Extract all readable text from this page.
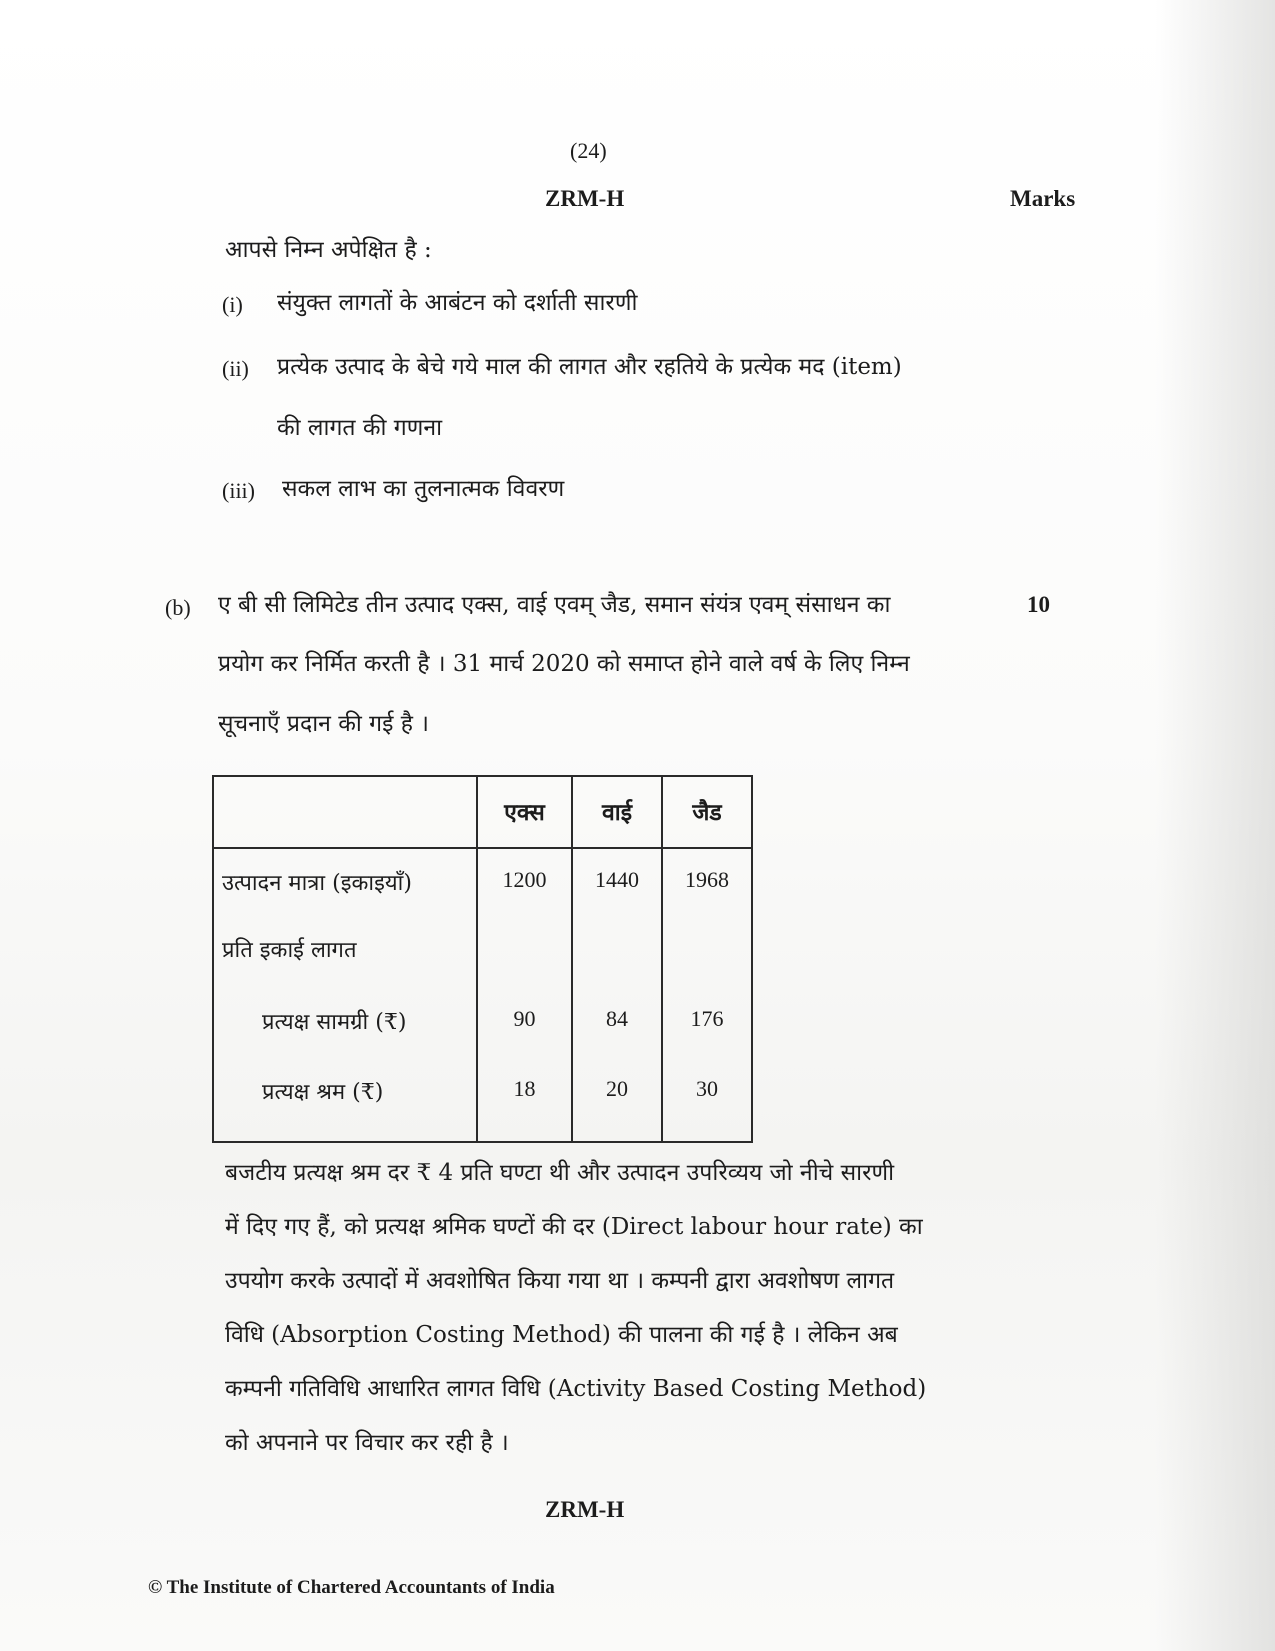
(24)
ZRM-H	Marks
आपसे निम्न अपेक्षित है :
(i) संयुक्त लागतों के आबंटन को दर्शाती सारणी
(ii) प्रत्येक उत्पाद के बेचे गये माल की लागत और रहतिये के प्रत्येक मद (item)
की लागत की गणना
(iii) सकल लाभ का तुलनात्मक विवरण
(b)	10
ए बी सी लिमिटेड तीन उत्पाद एक्स, वाई एवम् जैड, समान संयंत्र एवम् संसाधन का
प्रयोग कर निर्मित करती है । 31 मार्च 2020 को समाप्त होने वाले वर्ष के लिए निम्न
सूचनाएँ प्रदान की गई है ।
	एक्स	वाई	जैड
उत्पादन मात्रा (इकाइयाँ)	1200	1440	1968
प्रति इकाई लागत			
प्रत्यक्ष सामग्री (₹)	90	84	176
प्रत्यक्ष श्रम (₹)	18	20	30
बजटीय प्रत्यक्ष श्रम दर ₹ 4 प्रति घण्टा थी और उत्पादन उपरिव्यय जो नीचे सारणी
में दिए गए हैं, को प्रत्यक्ष श्रमिक घण्टों की दर (Direct labour hour rate) का
उपयोग करके उत्पादों में अवशोषित किया गया था । कम्पनी द्वारा अवशोषण लागत
विधि (Absorption Costing Method) की पालना की गई है । लेकिन अब
कम्पनी गतिविधि आधारित लागत विधि (Activity Based Costing Method)
को अपनाने पर विचार कर रही है ।
ZRM-H
© The Institute of Chartered Accountants of India
